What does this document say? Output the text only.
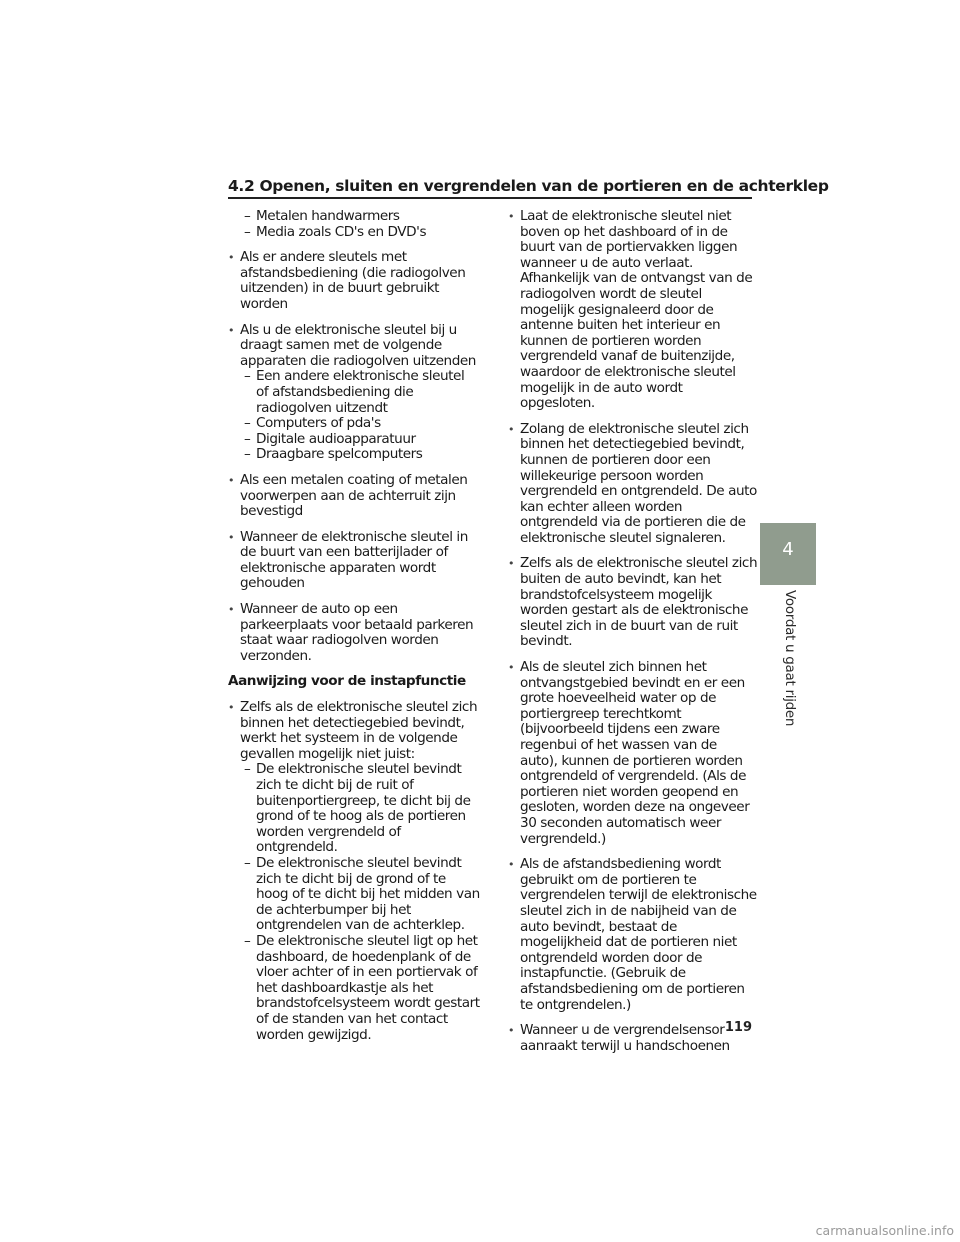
4.2 Openen, sluiten en vergrendelen van de portieren en de achterklep
– Metalen handwarmers
– Media zoals CD's en DVD's
• Als er andere sleutels met afstandsbediening (die radiogolven uitzenden) in de buurt gebruikt worden
• Als u de elektronische sleutel bij u draagt samen met de volgende apparaten die radiogolven uitzenden
– Een andere elektronische sleutel of afstandsbediening die radiogolven uitzendt
– Computers of pda's
– Digitale audioapparatuur
– Draagbare spelcomputers
• Als een metalen coating of metalen voorwerpen aan de achterruit zijn bevestigd
• Wanneer de elektronische sleutel in de buurt van een batterijlader of elektronische apparaten wordt gehouden
• Wanneer de auto op een parkeerplaats voor betaald parkeren staat waar radiogolven worden verzonden.
Aanwijzing voor de instapfunctie
• Zelfs als de elektronische sleutel zich binnen het detectiegebied bevindt, werkt het systeem in de volgende gevallen mogelijk niet juist:
– De elektronische sleutel bevindt zich te dicht bij de ruit of buitenportiergreep, te dicht bij de grond of te hoog als de portieren worden vergrendeld of ontgrendeld.
– De elektronische sleutel bevindt zich te dicht bij de grond of te hoog of te dicht bij het midden van de achterbumper bij het ontgrendelen van de achterklep.
– De elektronische sleutel ligt op het dashboard, de hoedenplank of de vloer achter of in een portiervak of het dashboardkastje als het brandstofcelsysteem wordt gestart of de standen van het contact worden gewijzigd.
• Laat de elektronische sleutel niet boven op het dashboard of in de buurt van de portiervakken liggen wanneer u de auto verlaat. Afhankelijk van de ontvangst van de radiogolven wordt de sleutel mogelijk gesignaleerd door de antenne buiten het interieur en kunnen de portieren worden vergrendeld vanaf de buitenzijde, waardoor de elektronische sleutel mogelijk in de auto wordt opgesloten.
• Zolang de elektronische sleutel zich binnen het detectiegebied bevindt, kunnen de portieren door een willekeurige persoon worden vergrendeld en ontgrendeld. De auto kan echter alleen worden ontgrendeld via de portieren die de elektronische sleutel signaleren.
• Zelfs als de elektronische sleutel zich buiten de auto bevindt, kan het brandstofcelsysteem mogelijk worden gestart als de elektronische sleutel zich in de buurt van de ruit bevindt.
• Als de sleutel zich binnen het ontvangstgebied bevindt en er een grote hoeveelheid water op de portiergreep terechtkomt (bijvoorbeeld tijdens een zware regenbui of het wassen van de auto), kunnen de portieren worden ontgrendeld of vergrendeld. (Als de portieren niet worden geopend en gesloten, worden deze na ongeveer 30 seconden automatisch weer vergrendeld.)
• Als de afstandsbediening wordt gebruikt om de portieren te vergrendelen terwijl de elektronische sleutel zich in de nabijheid van de auto bevindt, bestaat de mogelijkheid dat de portieren niet ontgrendeld worden door de instapfunctie. (Gebruik de afstandsbediening om de portieren te ontgrendelen.)
• Wanneer u de vergrendelsensor aanraakt terwijl u handschoenen
4
Voordat u gaat rijden
119
carmanualsonline.info
